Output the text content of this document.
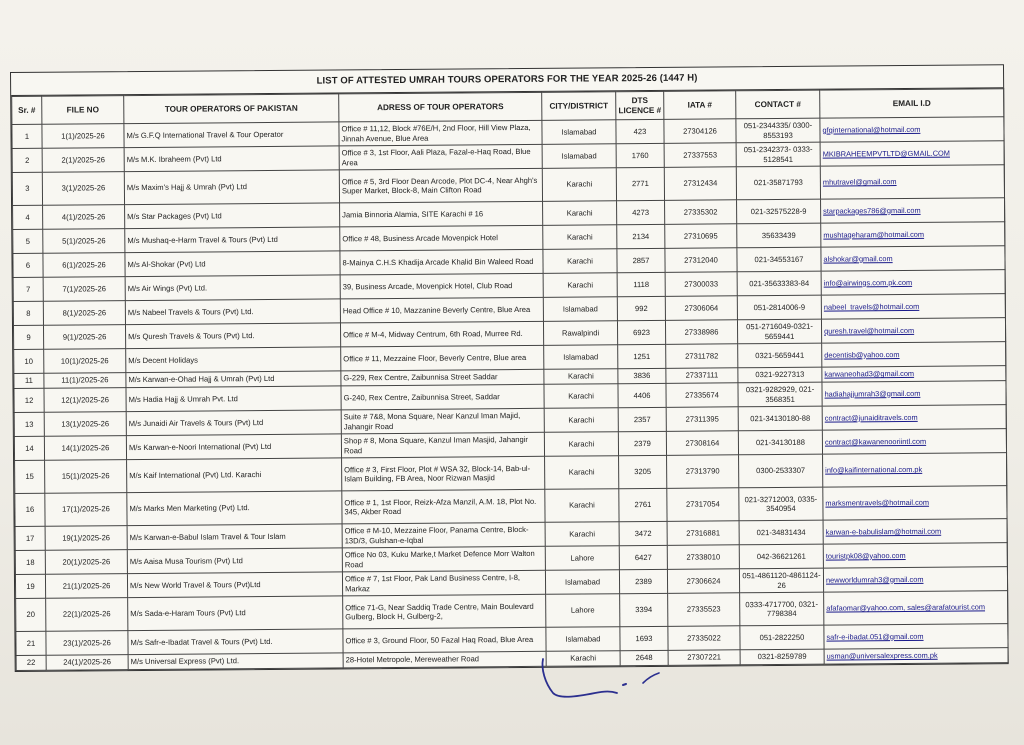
LIST OF ATTESTED UMRAH TOURS OPERATORS FOR THE YEAR 2025-26 (1447 H)
Sr. #	FILE NO	TOUR OPERATORS OF PAKISTAN	ADRESS OF TOUR OPERATORS	CITY/DISTRICT	DTS LICENCE #	IATA #	CONTACT #	EMAIL I.D
1	1(1)/2025-26	M/s G.F.Q International Travel & Tour Operator	Office # 11,12, Block #76E/H, 2nd Floor, Hill View Plaza, Jinnah Avenue, Blue Area	Islamabad	423	27304126	051-2344335/ 0300-8553193	gfqinternational@hotmail.com
2	2(1)/2025-26	M/s M.K. Ibraheem (Pvt) Ltd	Office # 3, 1st Floor, Aali Plaza, Fazal-e-Haq Road, Blue Area	Islamabad	1760	27337553	051-2342373- 0333-5128541	MKIBRAHEEMPVTLTD@GMAIL.COM
3	3(1)/2025-26	M/s Maxim's Hajj & Umrah (Pvt) Ltd	Office # 5, 3rd Floor Dean Arcode, Plot DC-4, Near Ahgh's Super Market, Block-8, Main Clifton Road	Karachi	2771	27312434	021-35871793	mhutravel@gmail.com
4	4(1)/2025-26	M/s Star Packages (Pvt) Ltd	Jamia Binnoria Alamia, SITE Karachi # 16	Karachi	4273	27335302	021-32575228-9	starpackages786@gmail.com
5	5(1)/2025-26	M/s Mushaq-e-Harm Travel & Tours (Pvt) Ltd	Office # 48, Business Arcade Movenpick Hotel	Karachi	2134	27310695	35633439	mushtaqeharam@hotmail.com
6	6(1)/2025-26	M/s Al-Shokar (Pvt) Ltd	8-Mainya C.H.S Khadija Arcade Khalid Bin Waleed Road	Karachi	2857	27312040	021-34553167	alshokar@gmail.com
7	7(1)/2025-26	M/s Air Wings (Pvt) Ltd.	39, Business Arcade, Movenpick Hotel, Club Road	Karachi	1118	27300033	021-35633383-84	info@airwings.com.pk.com
8	8(1)/2025-26	M/s Nabeel Travels & Tours (Pvt) Ltd.	Head Office # 10, Mazzanine Beverly Centre, Blue Area	Islamabad	992	27306064	051-2814006-9	nabeel_travels@hotmail.com
9	9(1)/2025-26	M/s Quresh Travels & Tours (Pvt) Ltd.	Office # M-4, Midway Centrum, 6th Road, Murree Rd.	Rawalpindi	6923	27338986	051-2716049-0321-5659441	quresh.travel@hotmail.com
10	10(1)/2025-26	M/s Decent Holidays	Office # 11, Mezzaine Floor, Beverly Centre, Blue area	Islamabad	1251	27311782	0321-5659441	decentisb@yahoo.com
11	11(1)/2025-26	M/s Karwan-e-Ohad Hajj & Umrah (Pvt) Ltd	G-229, Rex Centre, Zaibunnisa Street Saddar	Karachi	3836	27337111	0321-9227313	karwaneohad3@gmail.com
12	12(1)/2025-26	M/s Hadia Hajj & Umrah Pvt. Ltd	G-240, Rex Centre, Zaibunnisa Street, Saddar	Karachi	4406	27335674	0321-9282929, 021-3568351	hadiahajjumrah3@gmail.com
13	13(1)/2025-26	M/s Junaidi Air Travels & Tours (Pvt) Ltd	Suite # 7&8, Mona Square, Near Kanzul Iman Majid, Jahangir Road	Karachi	2357	27311395	021-34130180-88	contract@junaiditravels.com
14	14(1)/2025-26	M/s Karwan-e-Noori International (Pvt) Ltd	Shop # 8, Mona Square, Kanzul Iman Masjid, Jahangir Road	Karachi	2379	27308164	021-34130188	contract@kawanenooriintl.com
15	15(1)/2025-26	M/s Kaif International (Pvt) Ltd. Karachi	Office # 3, First Floor, Plot # WSA 32, Block-14, Bab-ul-Islam Building, FB Area, Noor Rizwan Masjid	Karachi	3205	27313790	0300-2533307	info@kaifinternational.com.pk
16	17(1)/2025-26	M/s Marks Men Marketing (Pvt) Ltd.	Office # 1, 1st Floor, Reizk-Afza Manzil, A.M. 18, Plot No. 345, Akber Road	Karachi	2761	27317054	021-32712003, 0335-3540954	marksmentravels@hotmail.com
17	19(1)/2025-26	M/s Karwan-e-Babul Islam Travel & Tour Islam	Office # M-10, Mezzaine Floor, Panama Centre, Block-13D/3, Gulshan-e-Iqbal	Karachi	3472	27316881	021-34831434	karwan-e-babulislam@hotmail.com
18	20(1)/2025-26	M/s Aaisa Musa Tourism (Pvt) Ltd	Office No 03, Kuku Marke,t Market Defence Morr Walton Road	Lahore	6427	27338010	042-36621261	touristpk08@yahoo.com
19	21(1)/2025-26	M/s New World Travel & Tours (Pvt)Ltd	Office # 7, 1st Floor, Pak Land Business Centre, I-8, Markaz	Islamabad	2389	27306624	051-4861120-4861124-26	newworldumrah3@gmail.com
20	22(1)/2025-26	M/s Sada-e-Haram Tours (Pvt) Ltd	Office 71-G, Near Saddiq Trade Centre, Main Boulevard Gulberg, Block H, Gulberg-2,	Lahore	3394	27335523	0333-4717700, 0321-7798384	afafaomar@yahoo.com, sales@arafatourist.com
21	23(1)/2025-26	M/s Safr-e-Ibadat Travel & Tours (Pvt) Ltd.	Office # 3, Ground Floor, 50 Fazal Haq Road, Blue Area	Islamabad	1693	27335022	051-2822250	safr-e-ibadat.051@gmail.com
22	24(1)/2025-26	M/s Universal Express (Pvt) Ltd.	28-Hotel Metropole, Mereweather Road	Karachi	2648	27307221	0321-8259789	usman@universalexpress.com.pk
